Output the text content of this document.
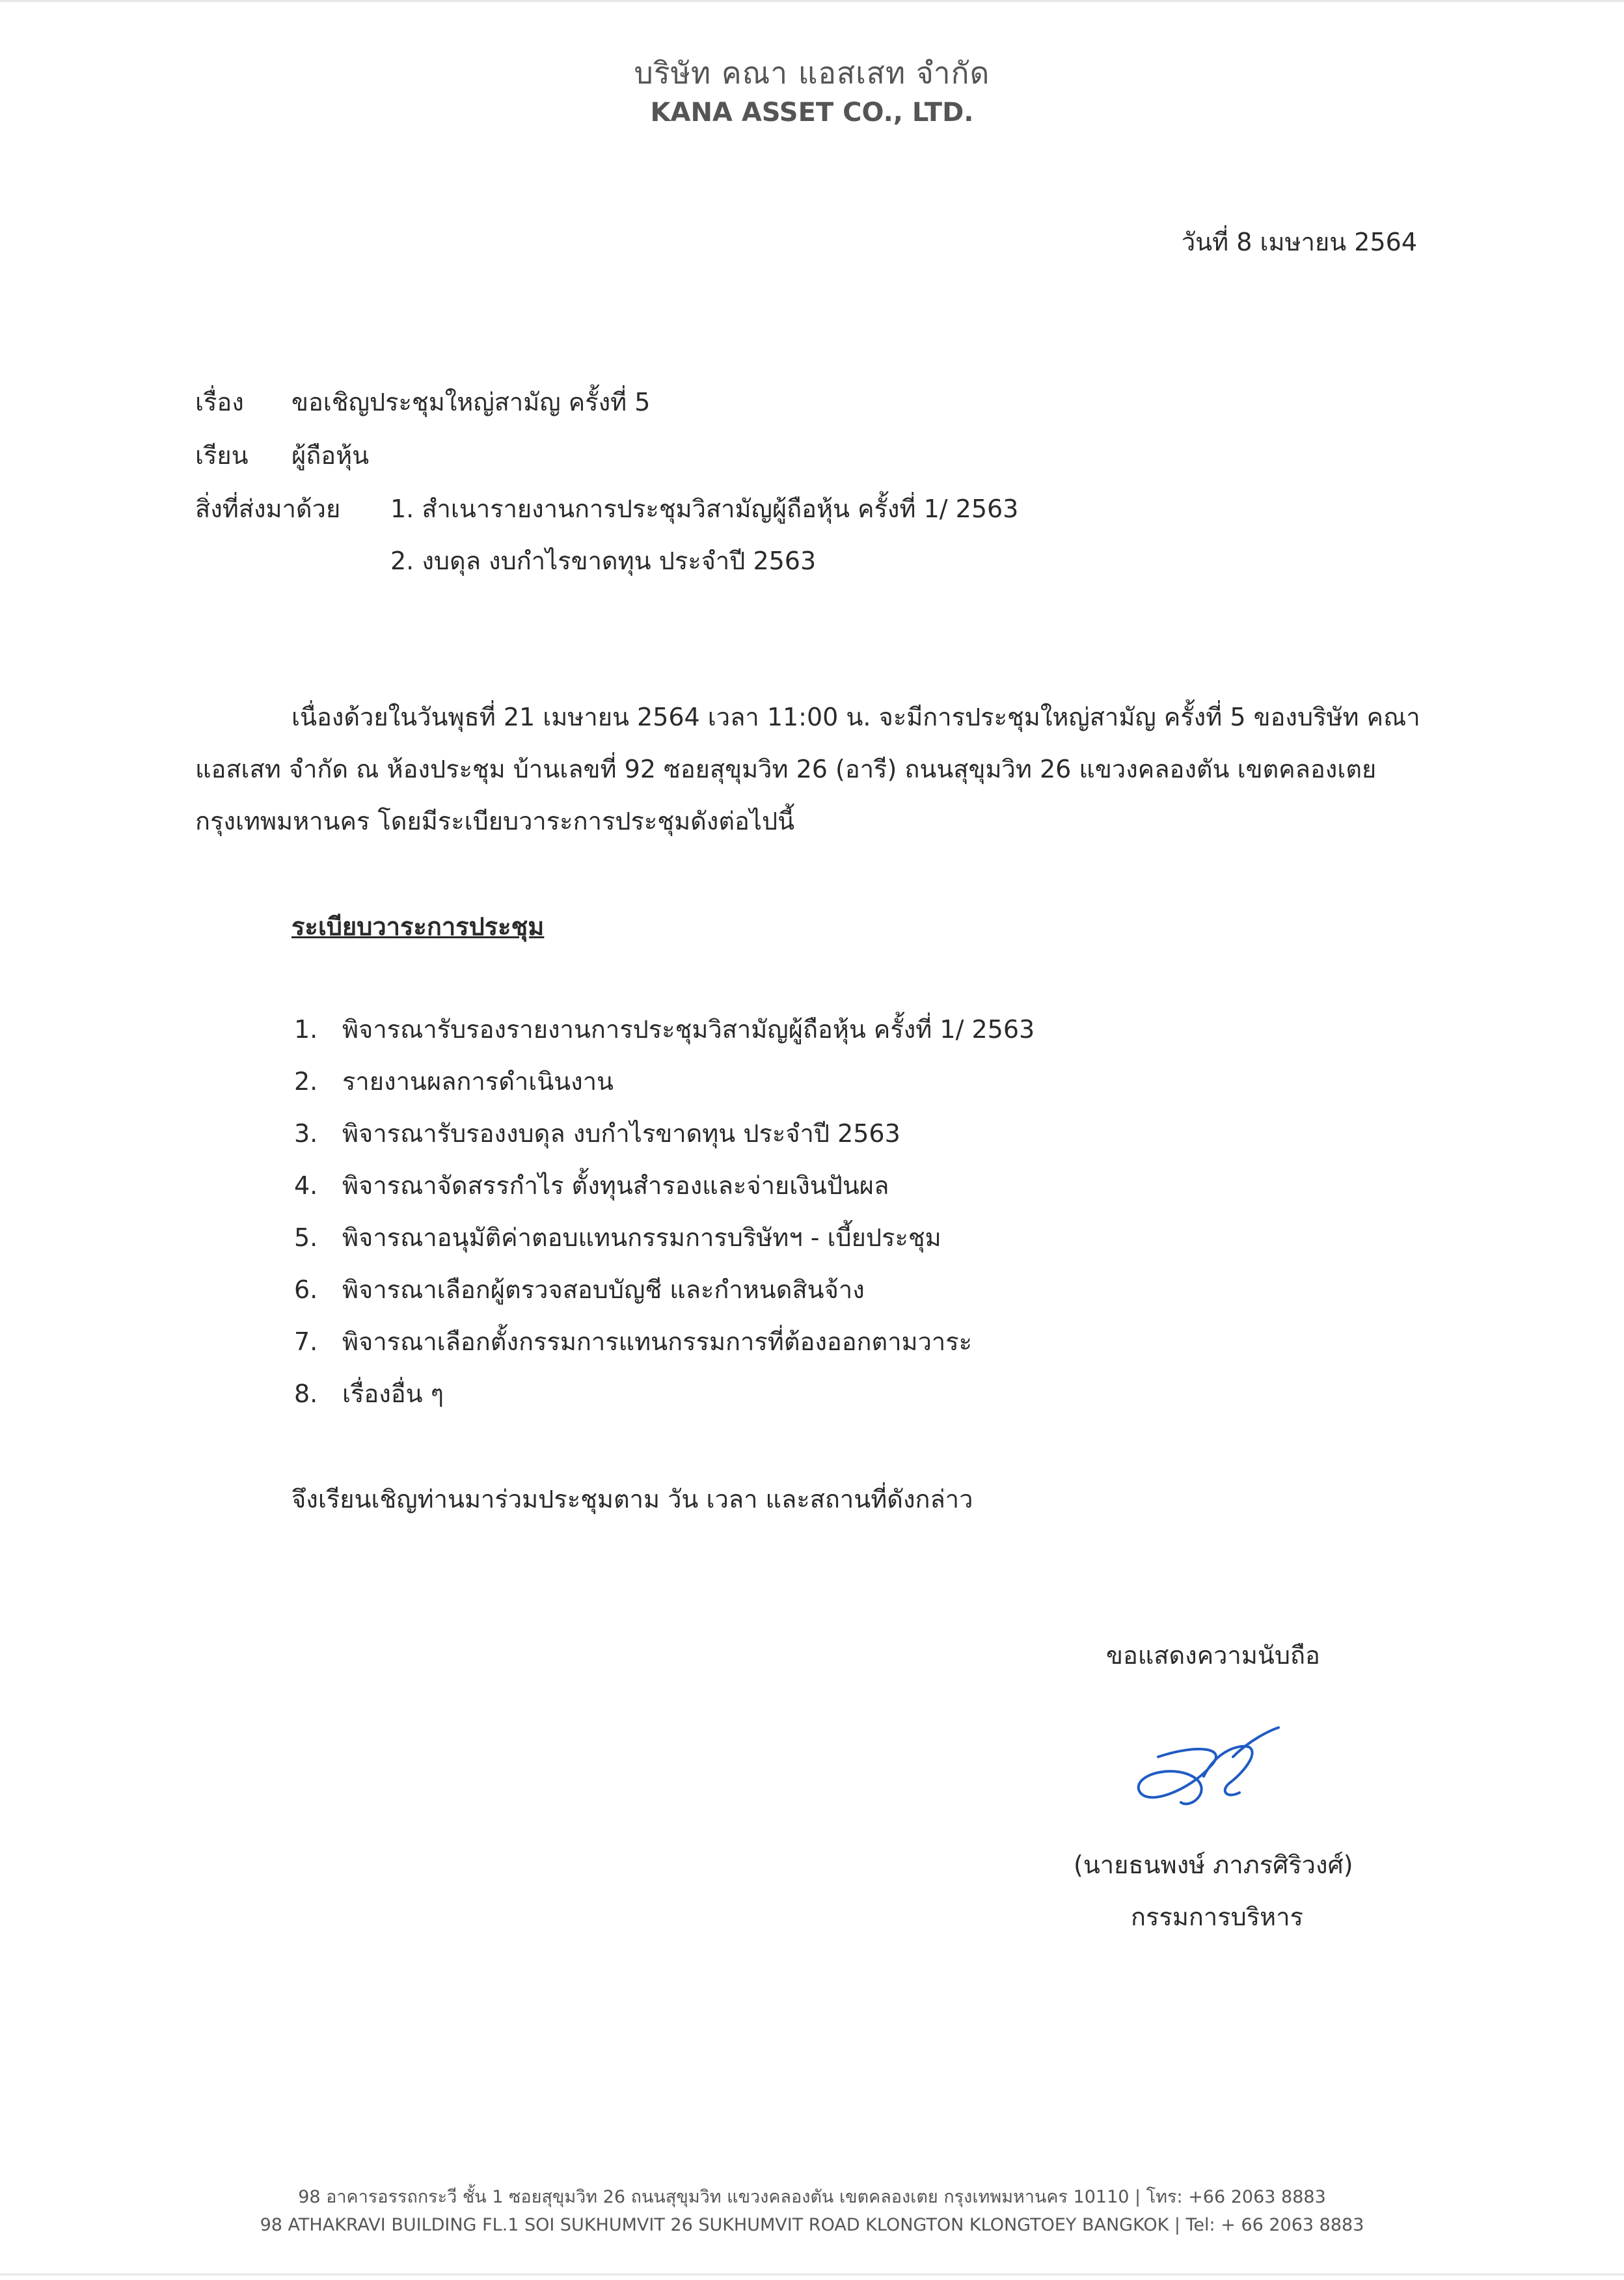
บริษัท คณา แอสเสท จำกัด
KANA ASSET CO., LTD.
วันที่ 8 เมษายน 2564
เรื่อง ขอเชิญประชุมใหญ่สามัญ ครั้งที่ 5
เรียน ผู้ถือหุ้น
สิ่งที่ส่งมาด้วย 1. สำเนารายงานการประชุมวิสามัญผู้ถือหุ้น ครั้งที่ 1/ 2563
2. งบดุล งบกำไรขาดทุน ประจำปี 2563
เนื่องด้วยในวันพุธที่ 21 เมษายน 2564 เวลา 11:00 น. จะมีการประชุมใหญ่สามัญ ครั้งที่ 5 ของบริษัท คณา
แอสเสท จำกัด ณ ห้องประชุม บ้านเลขที่ 92 ซอยสุขุมวิท 26 (อารี) ถนนสุขุมวิท 26 แขวงคลองตัน เขตคลองเตย
กรุงเทพมหานคร โดยมีระเบียบวาระการประชุมดังต่อไปนี้
ระเบียบวาระการประชุม
1. พิจารณารับรองรายงานการประชุมวิสามัญผู้ถือหุ้น ครั้งที่ 1/ 2563
2. รายงานผลการดำเนินงาน
3. พิจารณารับรองงบดุล งบกำไรขาดทุน ประจำปี 2563
4. พิจารณาจัดสรรกำไร ตั้งทุนสำรองและจ่ายเงินปันผล
5. พิจารณาอนุมัติค่าตอบแทนกรรมการบริษัทฯ - เบี้ยประชุม
6. พิจารณาเลือกผู้ตรวจสอบบัญชี และกำหนดสินจ้าง
7. พิจารณาเลือกตั้งกรรมการแทนกรรมการที่ต้องออกตามวาระ
8. เรื่องอื่น ๆ
จึงเรียนเชิญท่านมาร่วมประชุมตาม วัน เวลา และสถานที่ดังกล่าว
ขอแสดงความนับถือ
(นายธนพงษ์ ภาภรศิริวงศ์)
กรรมการบริหาร
98 อาคารอรรถกระวี ชั้น 1 ซอยสุขุมวิท 26 ถนนสุขุมวิท แขวงคลองตัน เขตคลองเตย กรุงเทพมหานคร 10110 | โทร: +66 2063 8883
98 ATHAKRAVI BUILDING FL.1 SOI SUKHUMVIT 26 SUKHUMVIT ROAD KLONGTON KLONGTOEY BANGKOK | Tel: + 66 2063 8883
